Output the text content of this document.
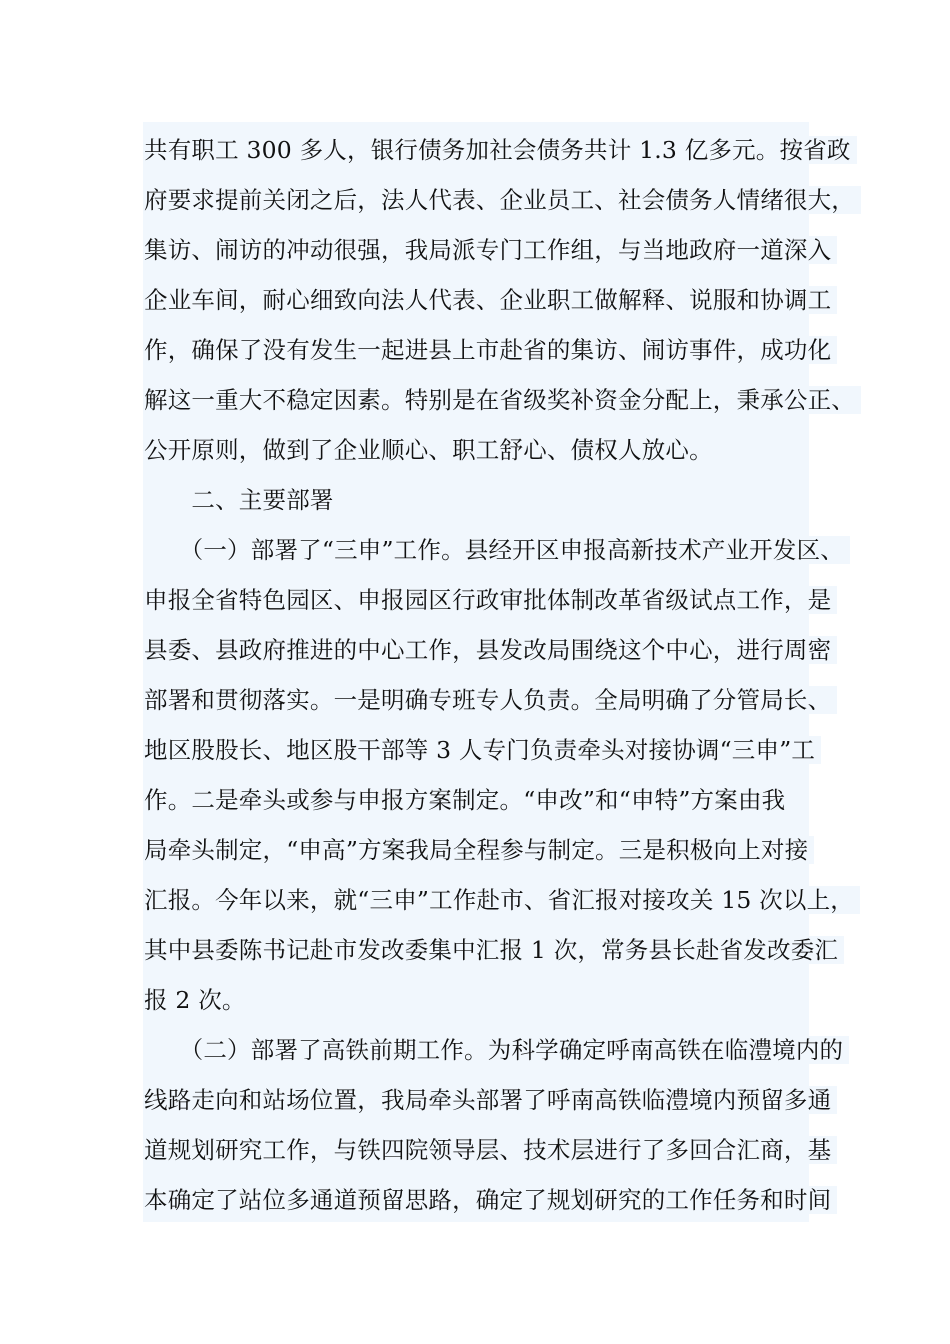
共有职工 300 多人，银行债务加社会债务共计 1.3 亿多元。按省政
府要求提前关闭之后，法人代表、企业员工、社会债务人情绪很大，
集访、闹访的冲动很强，我局派专门工作组，与当地政府一道深入
企业车间，耐心细致向法人代表、企业职工做解释、说服和协调工
作，确保了没有发生一起进县上市赴省的集访、闹访事件，成功化
解这一重大不稳定因素。特别是在省级奖补资金分配上，秉承公正、
公开原则，做到了企业顺心、职工舒心、债权人放心。
　　二、主要部署
　　（一）部署了“三申”工作。县经开区申报高新技术产业开发区、
申报全省特色园区、申报园区行政审批体制改革省级试点工作，是
县委、县政府推进的中心工作，县发改局围绕这个中心，进行周密
部署和贯彻落实。一是明确专班专人负责。全局明确了分管局长、
地区股股长、地区股干部等 3 人专门负责牵头对接协调“三申”工
作。二是牵头或参与申报方案制定。“申改”和“申特”方案由我
局牵头制定，“申高”方案我局全程参与制定。三是积极向上对接
汇报。今年以来，就“三申”工作赴市、省汇报对接攻关 15 次以上，
其中县委陈书记赴市发改委集中汇报 1 次，常务县长赴省发改委汇
报 2 次。
　　（二）部署了高铁前期工作。为科学确定呼南高铁在临澧境内的
线路走向和站场位置，我局牵头部署了呼南高铁临澧境内预留多通
道规划研究工作，与铁四院领导层、技术层进行了多回合汇商，基
本确定了站位多通道预留思路，确定了规划研究的工作任务和时间
